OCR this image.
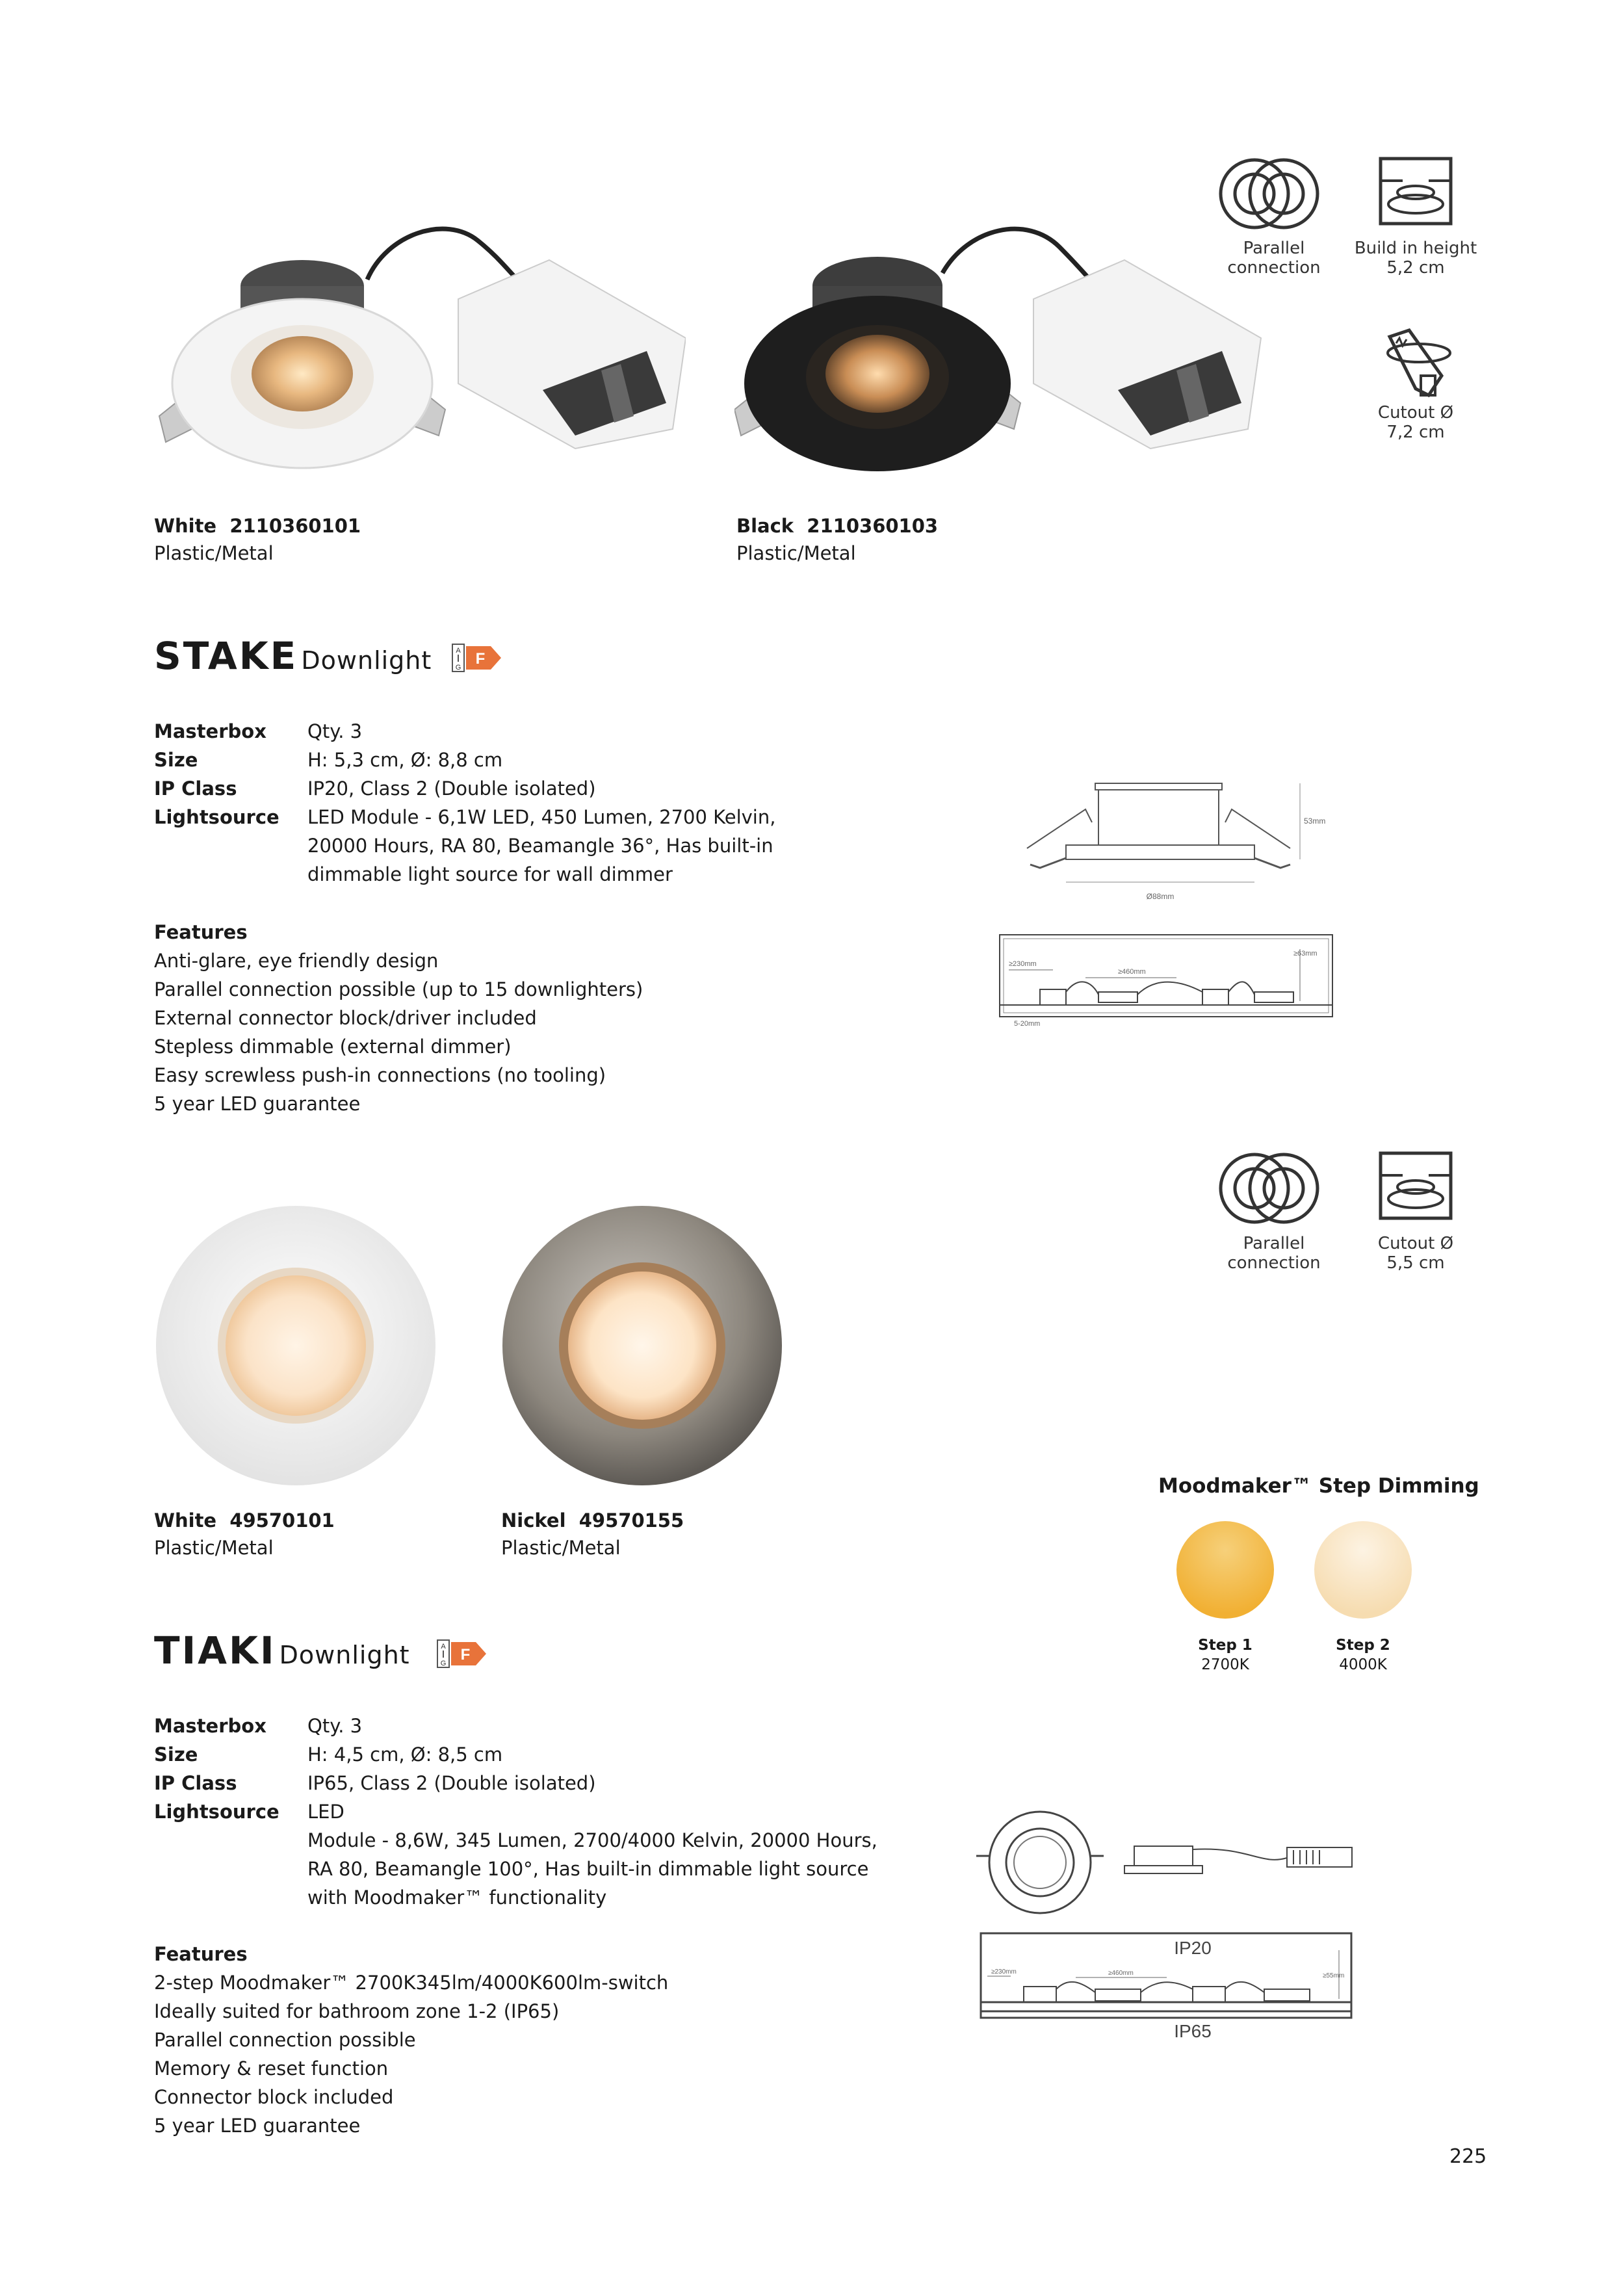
Parallel
connection
Build in height
5,2 cm
Cutout Ø
7,2 cm
White 2110360101
Plastic/Metal
Black 2110360103
Plastic/Metal
STAKE Downlight	A
G F
Masterbox	Qty. 3
Size	H: 5,3 cm, Ø: 8,8 cm
IP Class	IP20, Class 2 (Double isolated)
Lightsource	LED Module - 6,1W LED, 450 Lumen, 2700 Kelvin,
20000 Hours, RA 80, Beamangle 36°, Has built-in
dimmable light source for wall dimmer
Features
Anti-glare, eye friendly design
Parallel connection possible (up to 15 downlighters)
External connector block/driver included
Stepless dimmable (external dimmer)
Easy screwless push-in connections (no tooling)
5 year LED guarantee
Ø88mm
53mm
≥230mm
≥460mm
≥63mm
5-20mm
Parallel
connection
Cutout Ø
5,5 cm
White 49570101
Plastic/Metal
Nickel 49570155
Plastic/Metal
Moodmaker™ Step Dimming
Step 1
2700K
Step 2
4000K
TIAKI Downlight	A
G F
Masterbox	Qty. 3
Size	H: 4,5 cm, Ø: 8,5 cm
IP Class	IP65, Class 2 (Double isolated)
Lightsource	LED
Module - 8,6W, 345 Lumen, 2700/4000 Kelvin, 20000 Hours,
RA 80, Beamangle 100°, Has built-in dimmable light source
with Moodmaker™ functionality
Features
2-step Moodmaker™ 2700K345lm/4000K600lm-switch
Ideally suited for bathroom zone 1-2 (IP65)
Parallel connection possible
Memory & reset function
Connector block included
5 year LED guarantee
IP20
IP65
≥230mm	≥460mm	≥55mm
225
